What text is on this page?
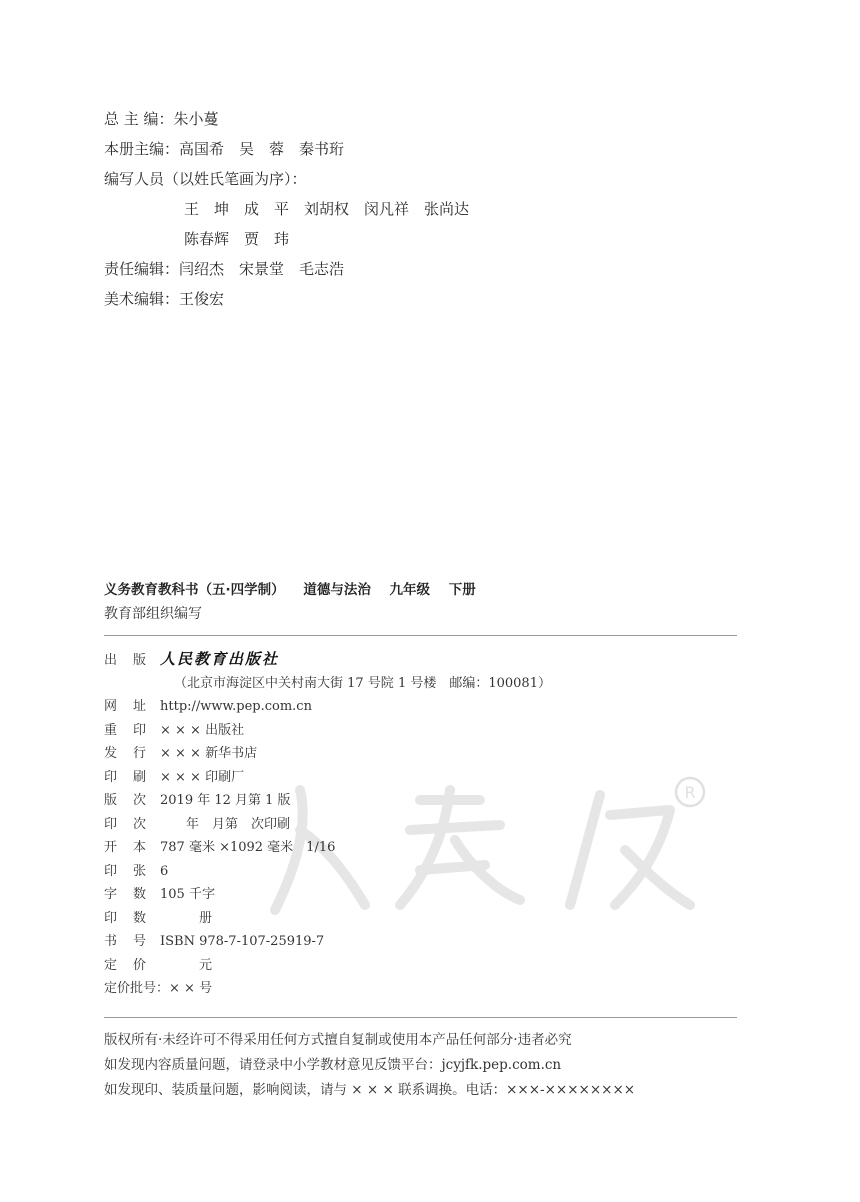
总 主 编：朱小蔓
本册主编：高国希　吴　蓉　秦书珩
编写人员（以姓氏笔画为序）：
王　坤　成　平　刘胡权　闵凡祥　张尚达
陈春辉　贾　玮
责任编辑：闫绍杰　宋景堂　毛志浩
美术编辑：王俊宏
义务教育教科书（五·四学制） 道德与法治 九年级 下册
教育部组织编写
R
出 版 人民教育出版社
（北京市海淀区中关村南大街 17 号院 1 号楼　邮编：100081）
网 址 http://www.pep.com.cn
重 印 × × × 出版社
发 行 × × × 新华书店
印 刷 × × × 印刷厂
版 次 2019 年 12 月第 1 版
印 次 　　年　月第　次印刷
开 本 787 毫米 ×1092 毫米　1/16
印 张 6
字 数 105 千字
印 数 　　　册
书 号 ISBN 978-7-107-25919-7
定 价 　　　元
定价批号： × × 号
版权所有·未经许可不得采用任何方式擅自复制或使用本产品任何部分·违者必究
如发现内容质量问题，请登录中小学教材意见反馈平台：jcyjfk.pep.com.cn
如发现印、装质量问题，影响阅读，请与 × × × 联系调换。电话：×××-××××××××
